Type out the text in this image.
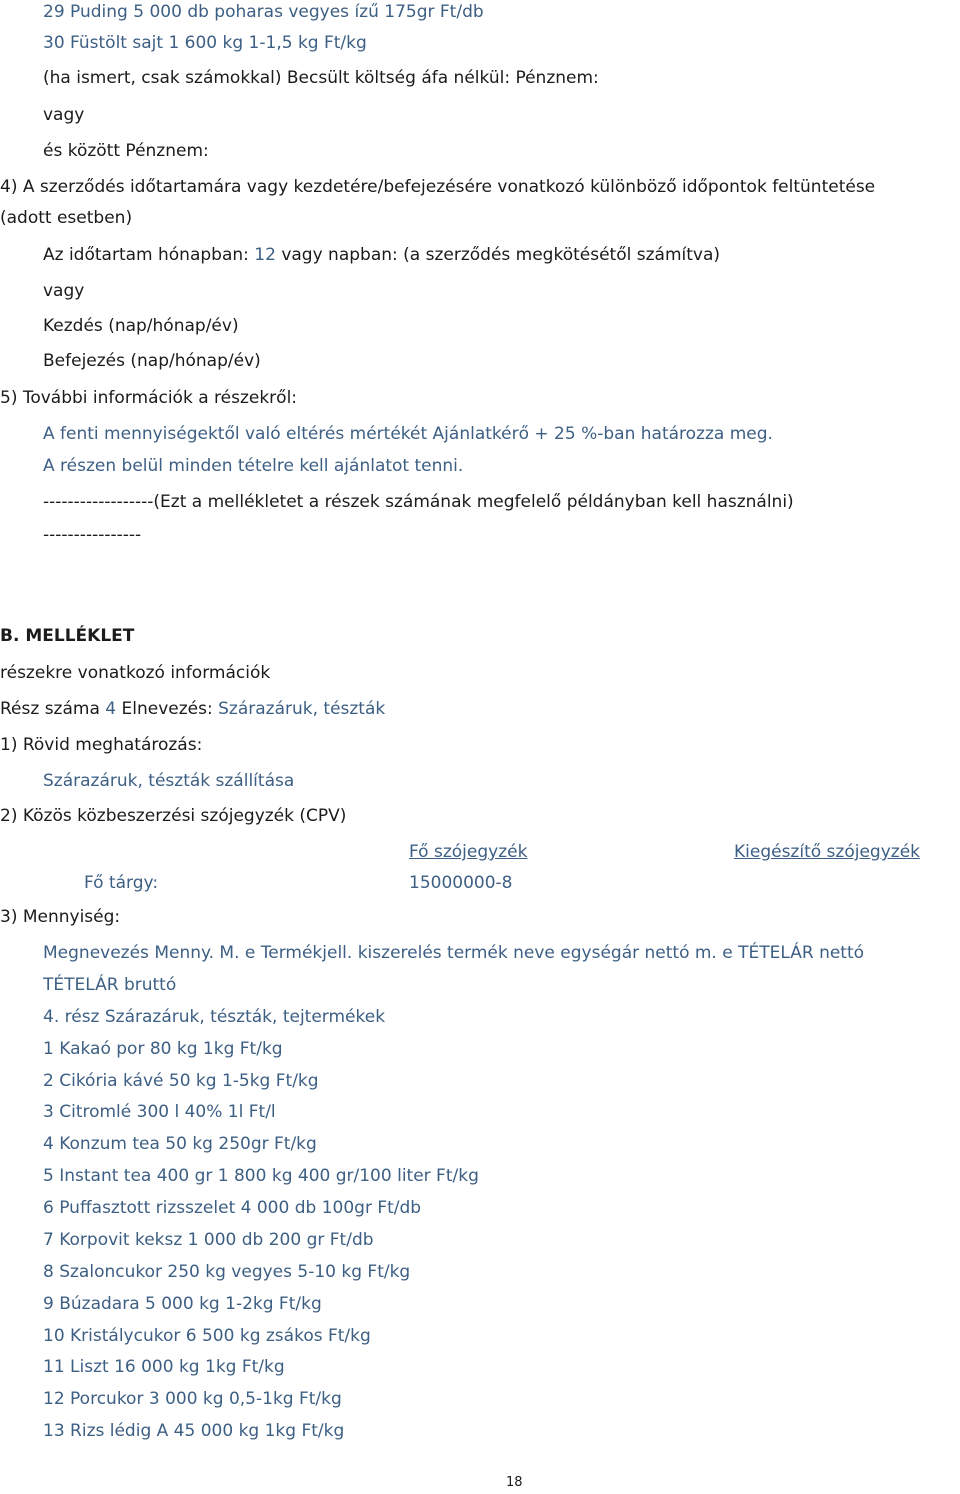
29 Puding 5 000 db poharas vegyes ízű 175gr Ft/db
30 Füstölt sajt 1 600 kg 1-1,5 kg Ft/kg
(ha ismert, csak számokkal) Becsült költség áfa nélkül: Pénznem:
vagy
és között Pénznem:
4) A szerződés időtartamára vagy kezdetére/befejezésére vonatkozó különböző időpontok feltüntetése
(adott esetben)
Az időtartam hónapban: 12 vagy napban: (a szerződés megkötésétől számítva)
vagy
Kezdés (nap/hónap/év)
Befejezés (nap/hónap/év)
5) További információk a részekről:
A fenti mennyiségektől való eltérés mértékét Ajánlatkérő + 25 %-ban határozza meg.
A részen belül minden tételre kell ajánlatot tenni.
------------------(Ezt a mellékletet a részek számának megfelelő példányban kell használni)
----------------
B. MELLÉKLET
részekre vonatkozó információk
Rész száma 4 Elnevezés: Szárazáruk, tészták
1) Rövid meghatározás:
Szárazáruk, tészták szállítása
2) Közös közbeszerzési szójegyzék (CPV)
Fő szójegyzék	Kiegészítő szójegyzék
Fő tárgy:	15000000-8
3) Mennyiség:
Megnevezés Menny. M. e Termékjell. kiszerelés termék neve egységár nettó m. e TÉTELÁR nettó
TÉTELÁR bruttó
4. rész Szárazáruk, tészták, tejtermékek
1 Kakaó por 80 kg 1kg Ft/kg
2 Cikória kávé 50 kg 1-5kg Ft/kg
3 Citromlé 300 l 40% 1l Ft/l
4 Konzum tea 50 kg 250gr Ft/kg
5 Instant tea 400 gr 1 800 kg 400 gr/100 liter Ft/kg
6 Puffasztott rizsszelet 4 000 db 100gr Ft/db
7 Korpovit keksz 1 000 db 200 gr Ft/db
8 Szaloncukor 250 kg vegyes 5-10 kg Ft/kg
9 Búzadara 5 000 kg 1-2kg Ft/kg
10 Kristálycukor 6 500 kg zsákos Ft/kg
11 Liszt 16 000 kg 1kg Ft/kg
12 Porcukor 3 000 kg 0,5-1kg Ft/kg
13 Rizs lédig A 45 000 kg 1kg Ft/kg
18
